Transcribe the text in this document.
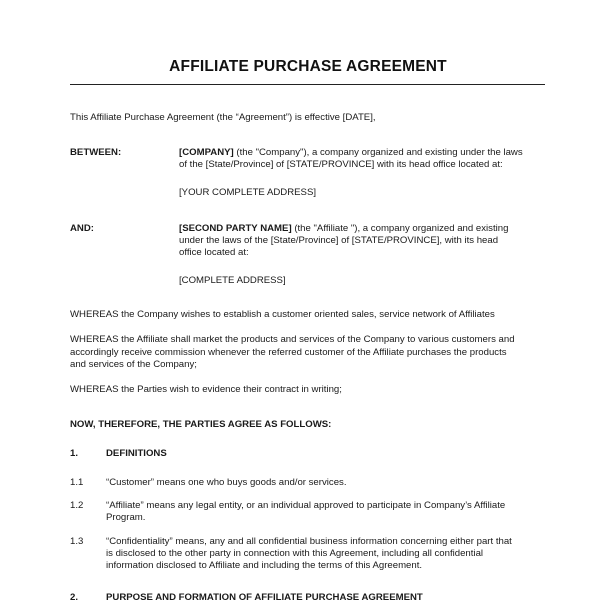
AFFILIATE PURCHASE AGREEMENT
This Affiliate Purchase Agreement (the “Agreement”) is effective [DATE],
BETWEEN:	[COMPANY] (the "Company"), a company organized and existing under the laws
of the [State/Province] of [STATE/PROVINCE] with its head office located at:
[YOUR COMPLETE ADDRESS]
AND:	[SECOND PARTY NAME] (the "Affiliate "), a company organized and existing
under the laws of the [State/Province] of [STATE/PROVINCE], with its head
office located at:
[COMPLETE ADDRESS]
WHEREAS the Company wishes to establish a customer oriented sales, service network of Affiliates
WHEREAS the Affiliate shall market the products and services of the Company to various customers and
accordingly receive commission whenever the referred customer of the Affiliate purchases the products
and services of the Company;
WHEREAS the Parties wish to evidence their contract in writing;
NOW, THEREFORE, THE PARTIES AGREE AS FOLLOWS:
1.	DEFINITIONS
1.1 “Customer” means one who buys goods and/or services.
1.2 “Affiliate” means any legal entity, or an individual approved to participate in Company’s Affiliate
Program.
1.3 “Confidentiality” means, any and all confidential business information concerning either part that
is disclosed to the other party in connection with this Agreement, including all confidential
information disclosed to Affiliate and including the terms of this Agreement.
2.	PURPOSE AND FORMATION OF AFFILIATE PURCHASE AGREEMENT
